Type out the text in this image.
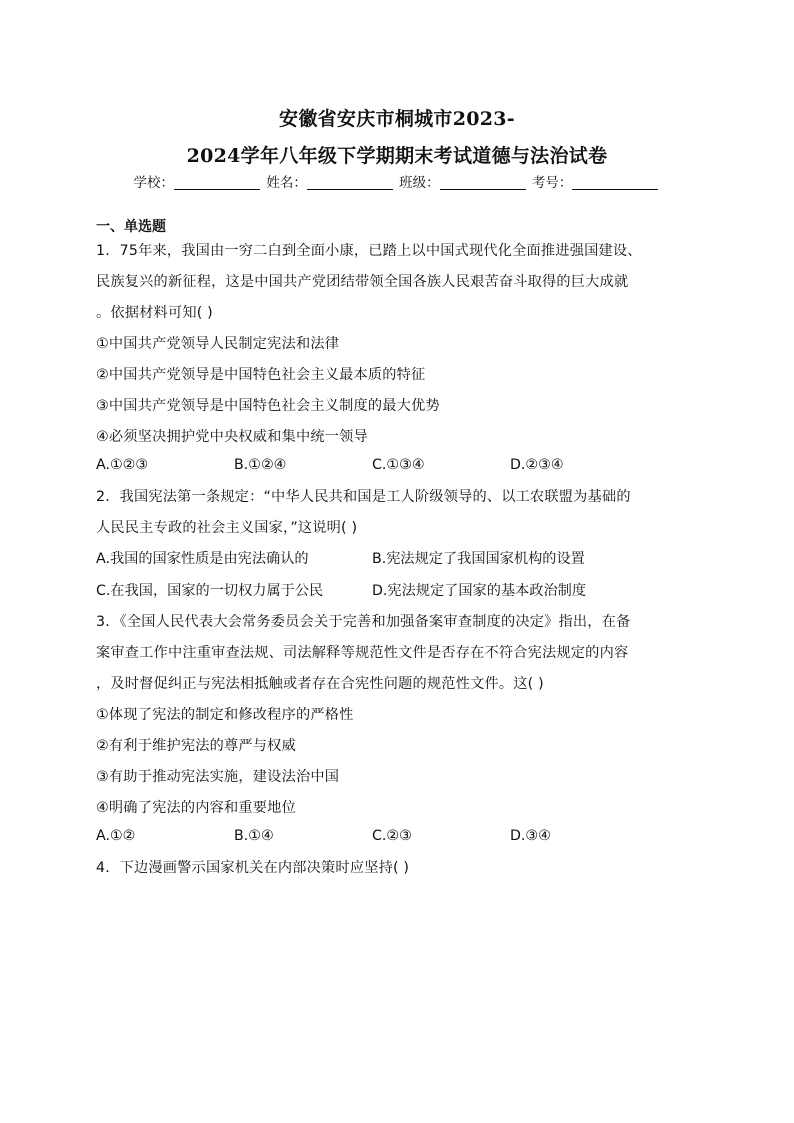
安徽省安庆市桐城市2023-
2024学年八年级下学期期末考试道德与法治试卷
学校：	姓名：	班级：	考号：
一、单选题
1．75年来，我国由一穷二白到全面小康，已踏上以中国式现代化全面推进强国建设、
民族复兴的新征程，这是中国共产党团结带领全国各族人民艰苦奋斗取得的巨大成就
。依据材料可知( )
①中国共产党领导人民制定宪法和法律
②中国共产党领导是中国特色社会主义最本质的特征
③中国共产党领导是中国特色社会主义制度的最大优势
④必须坚决拥护党中央权威和集中统一领导
A.①②③	B.①②④	C.①③④	D.②③④
2．我国宪法第一条规定：“中华人民共和国是工人阶级领导的、以工农联盟为基础的
人民民主专政的社会主义国家，”这说明( )
A.我国的国家性质是由宪法确认的	B.宪法规定了我国国家机构的设置
C.在我国，国家的一切权力属于公民	D.宪法规定了国家的基本政治制度
3．《全国人民代表大会常务委员会关于完善和加强备案审查制度的决定》指出，在备
案审查工作中注重审查法规、司法解释等规范性文件是否存在不符合宪法规定的内容
，及时督促纠正与宪法相抵触或者存在合宪性问题的规范性文件。这( )
①体现了宪法的制定和修改程序的严格性
②有利于维护宪法的尊严与权威
③有助于推动宪法实施，建设法治中国
④明确了宪法的内容和重要地位
A.①②	B.①④	C.②③	D.③④
4．下边漫画警示国家机关在内部决策时应坚持( )
